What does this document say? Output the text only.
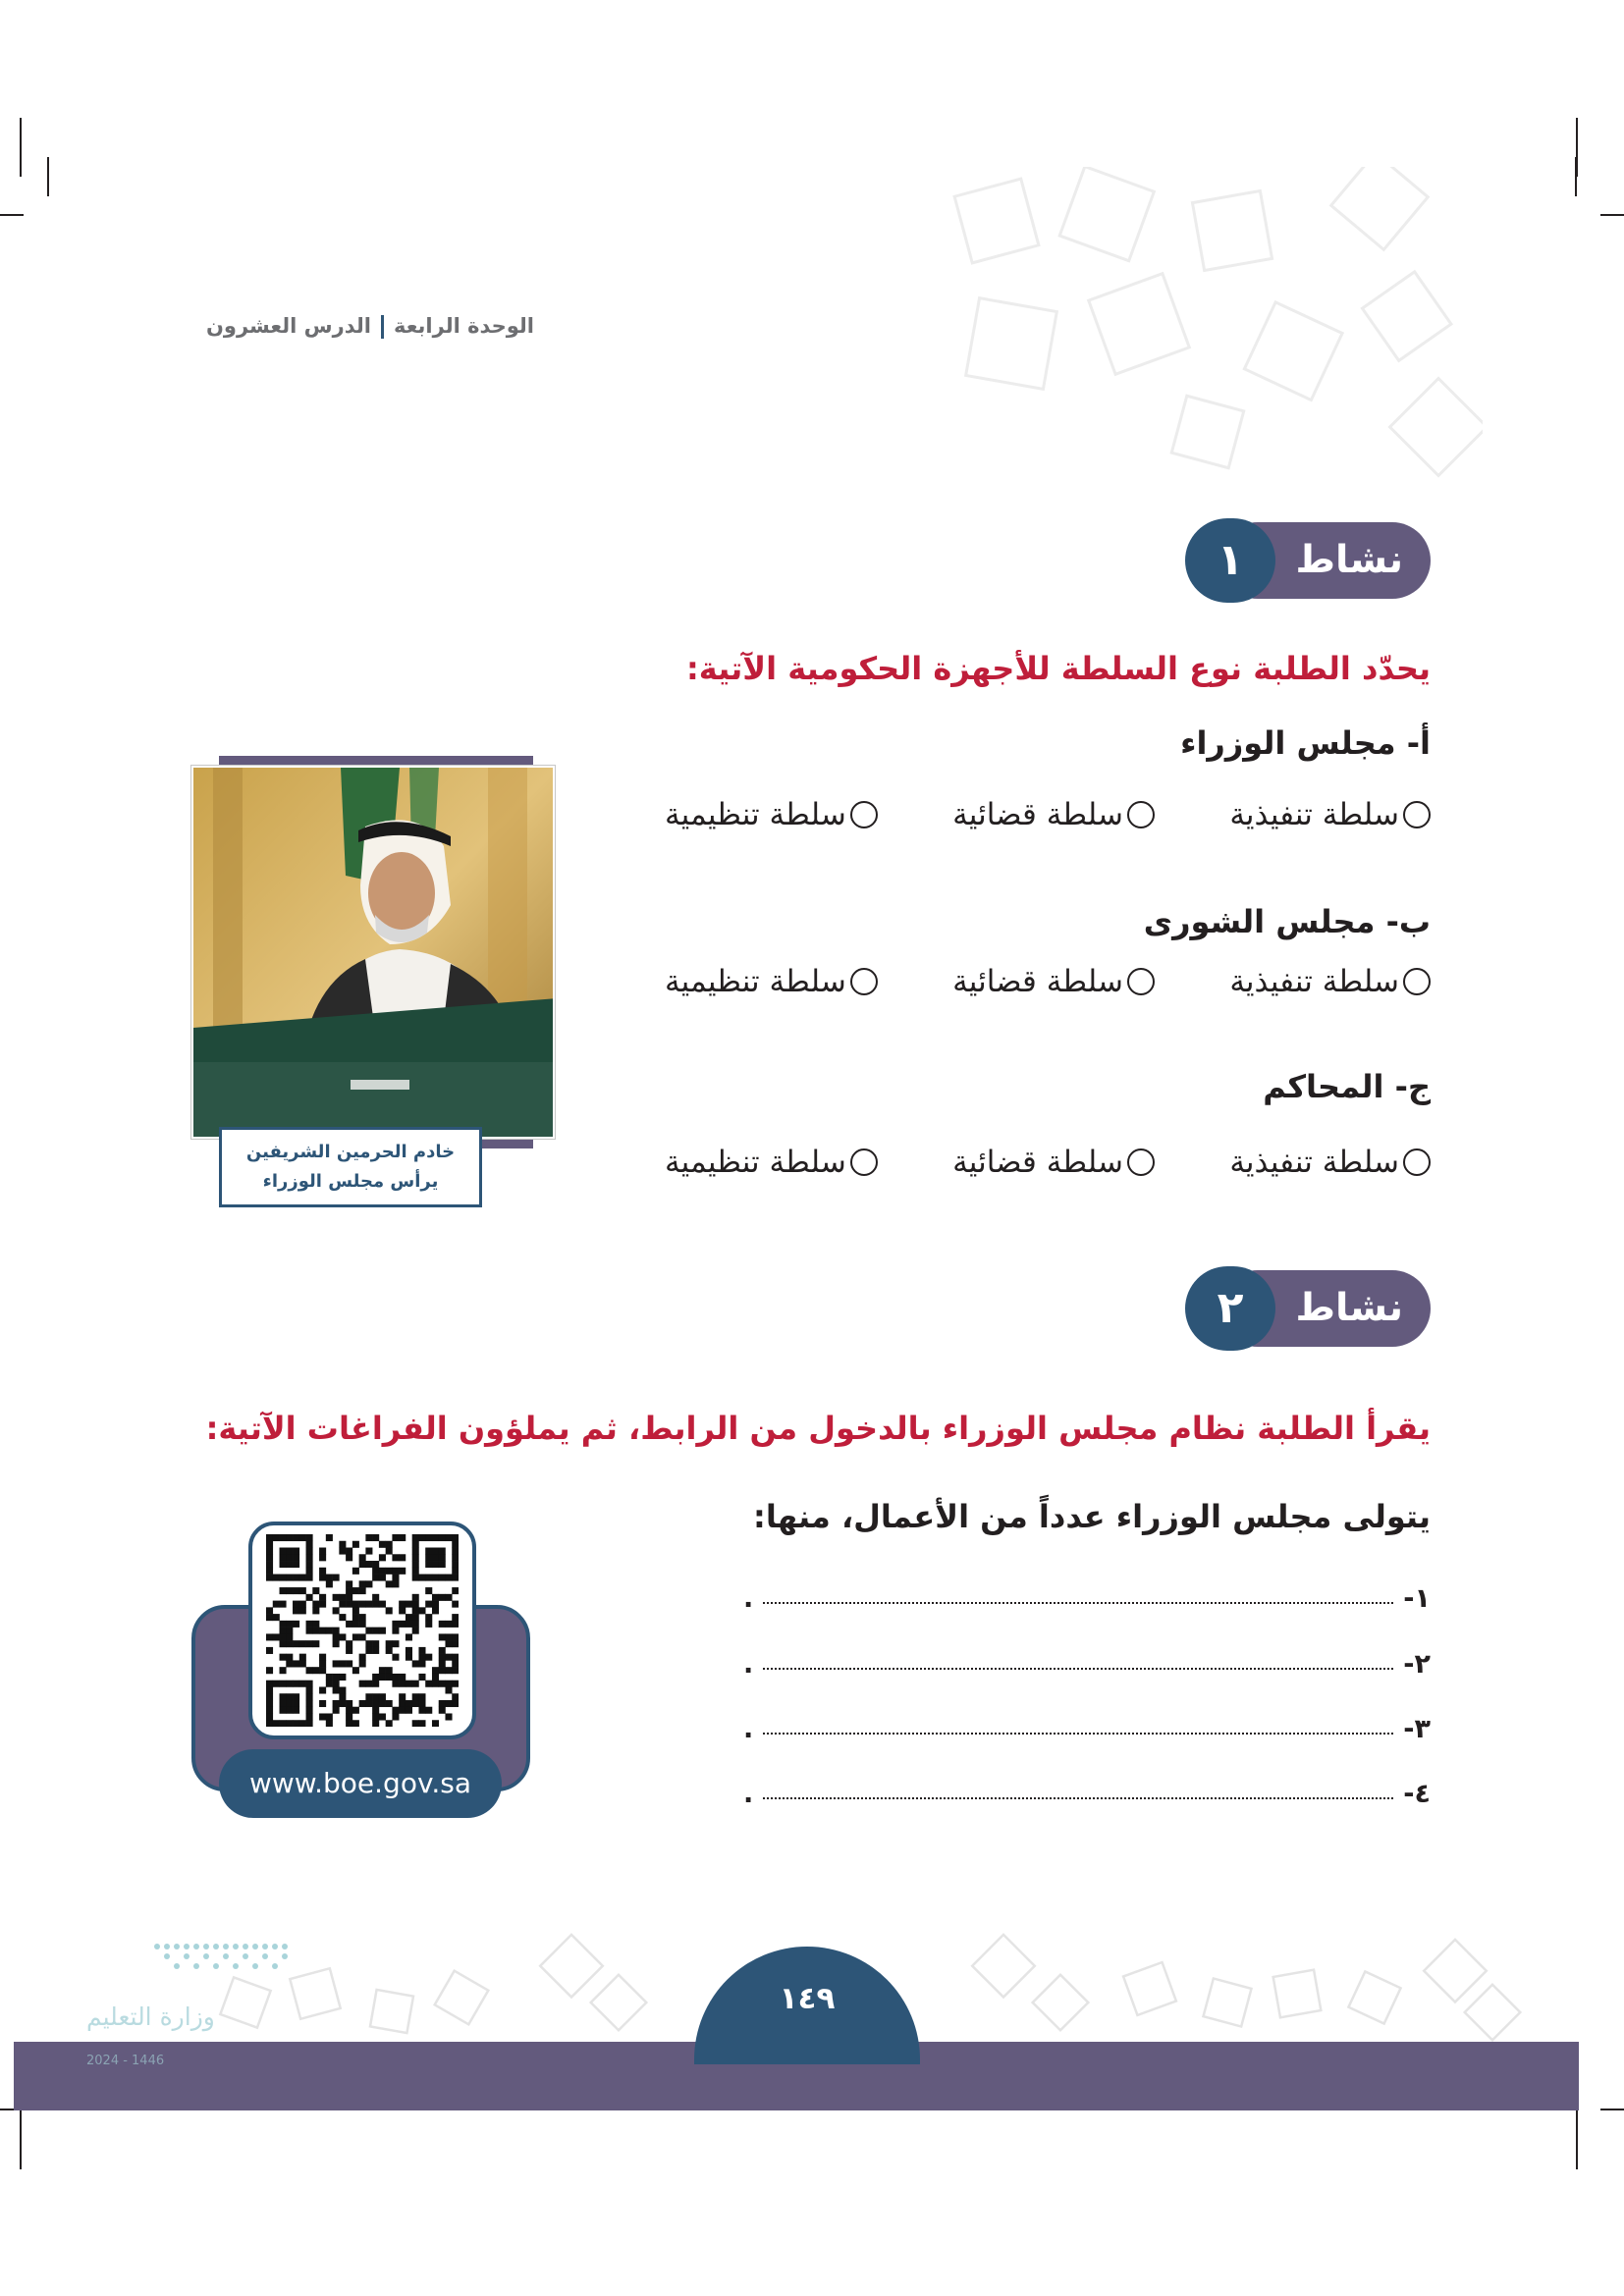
الوحدة الرابعةالدرس العشرون
نشاط
١
يحدّد الطلبة نوع السلطة للأجهزة الحكومية الآتية:
أ- مجلس الوزراء
سلطة تنفيذية
سلطة قضائية
سلطة تنظيمية
ب- مجلس الشورى
سلطة تنفيذية
سلطة قضائية
سلطة تنظيمية
ج- المحاكم
سلطة تنفيذية
سلطة قضائية
سلطة تنظيمية
خادم الحرمين الشريفين
يرأس مجلس الوزراء
نشاط
٢
يقرأ الطلبة نظام مجلس الوزراء بالدخول من الرابط، ثم يملؤون الفراغات الآتية:
يتولى مجلس الوزراء عدداً من الأعمال، منها:
١-
.
٢-
.
٣-
.
٤-
.
www.boe.gov.sa
١٤٩
وزارة التعليم
2024 - 1446
